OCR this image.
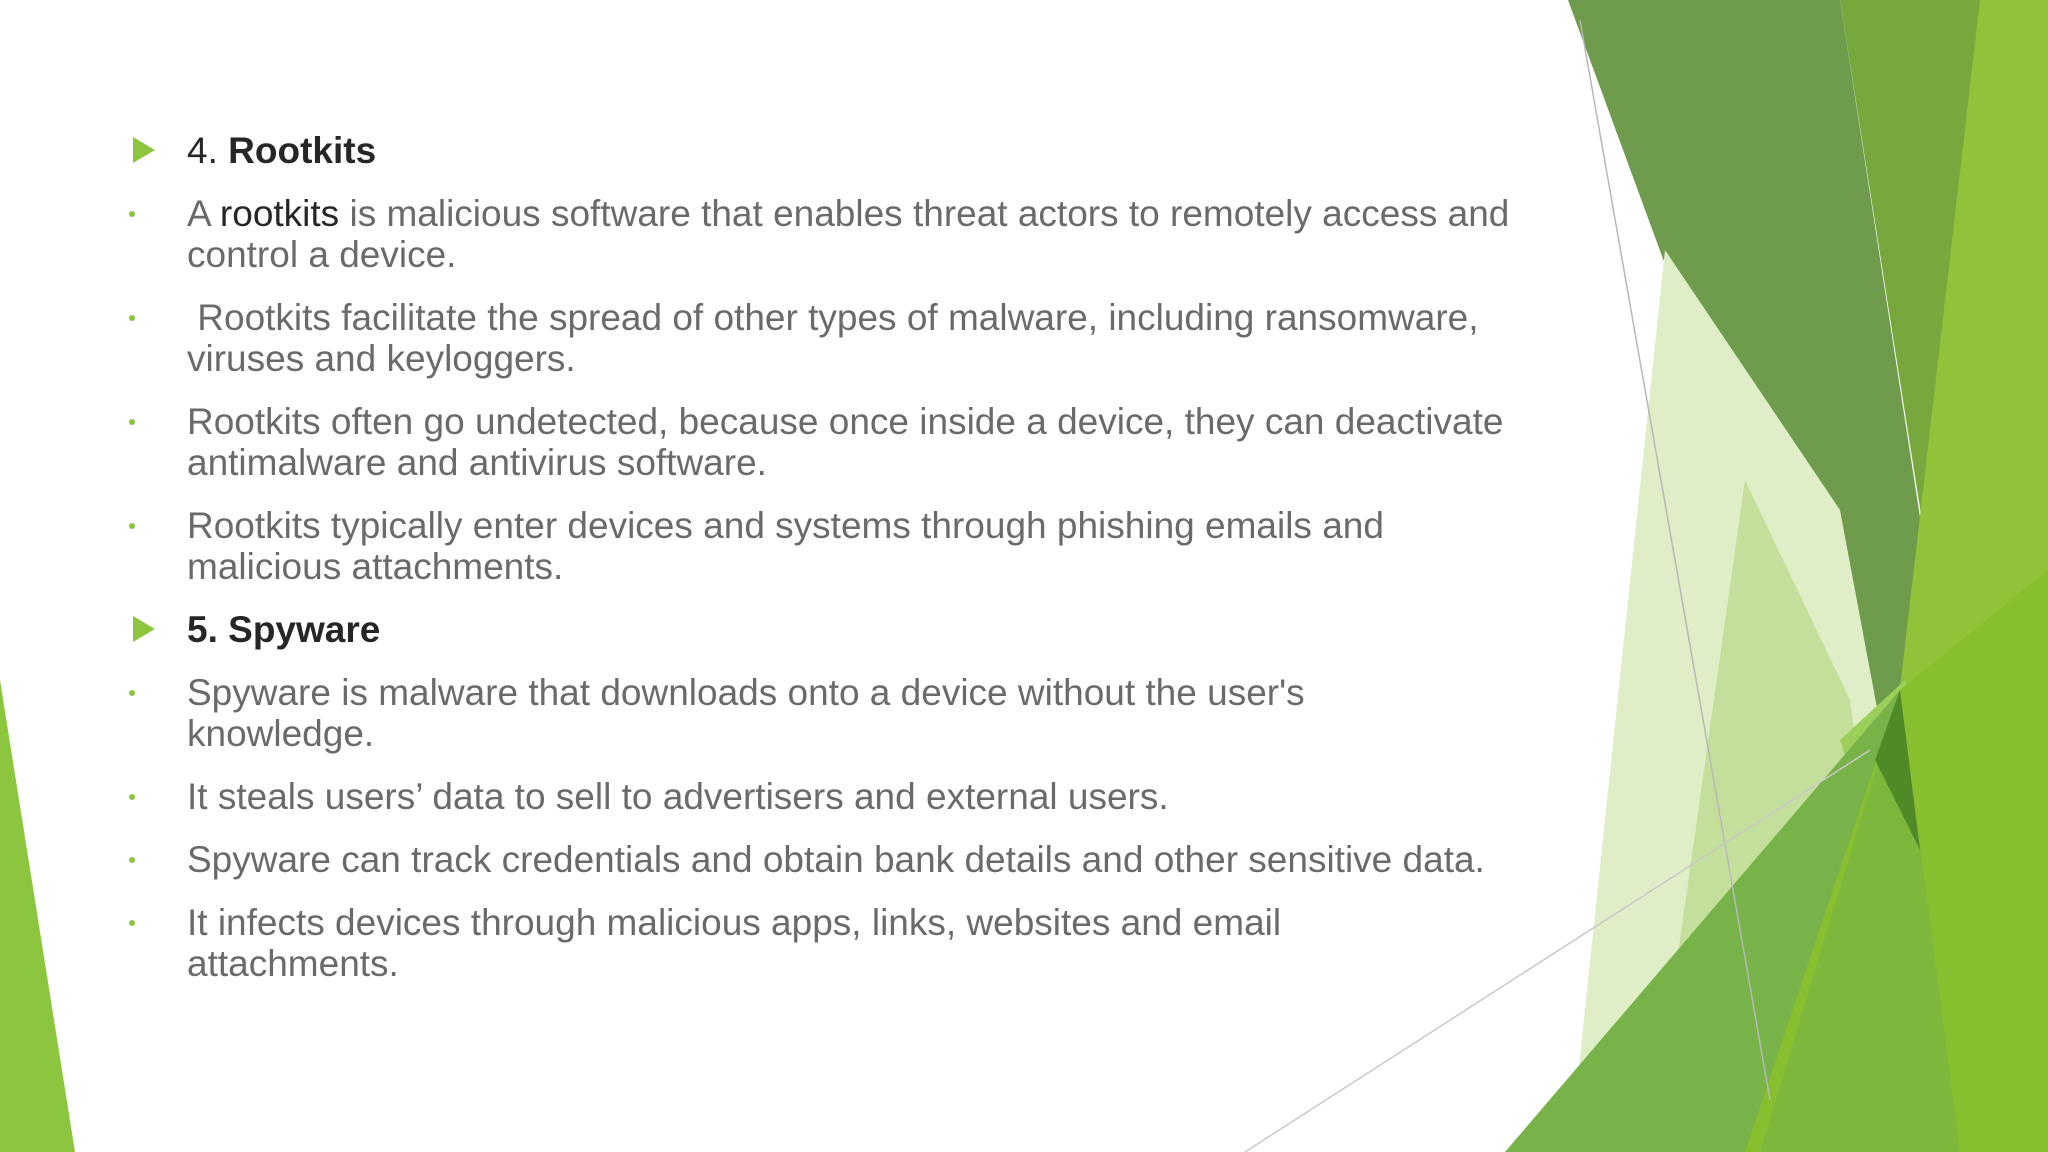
4. Rootkits
A rootkits is malicious software that enables threat actors to remotely access and control a device.
Rootkits facilitate the spread of other types of malware, including ransomware, viruses and keyloggers.
Rootkits often go undetected, because once inside a device, they can deactivate antimalware and antivirus software.
Rootkits typically enter devices and systems through phishing emails and malicious attachments.
5. Spyware
Spyware is malware that downloads onto a device without the user's knowledge.
It steals users’ data to sell to advertisers and external users.
Spyware can track credentials and obtain bank details and other sensitive data.
It infects devices through malicious apps, links, websites and email attachments.
